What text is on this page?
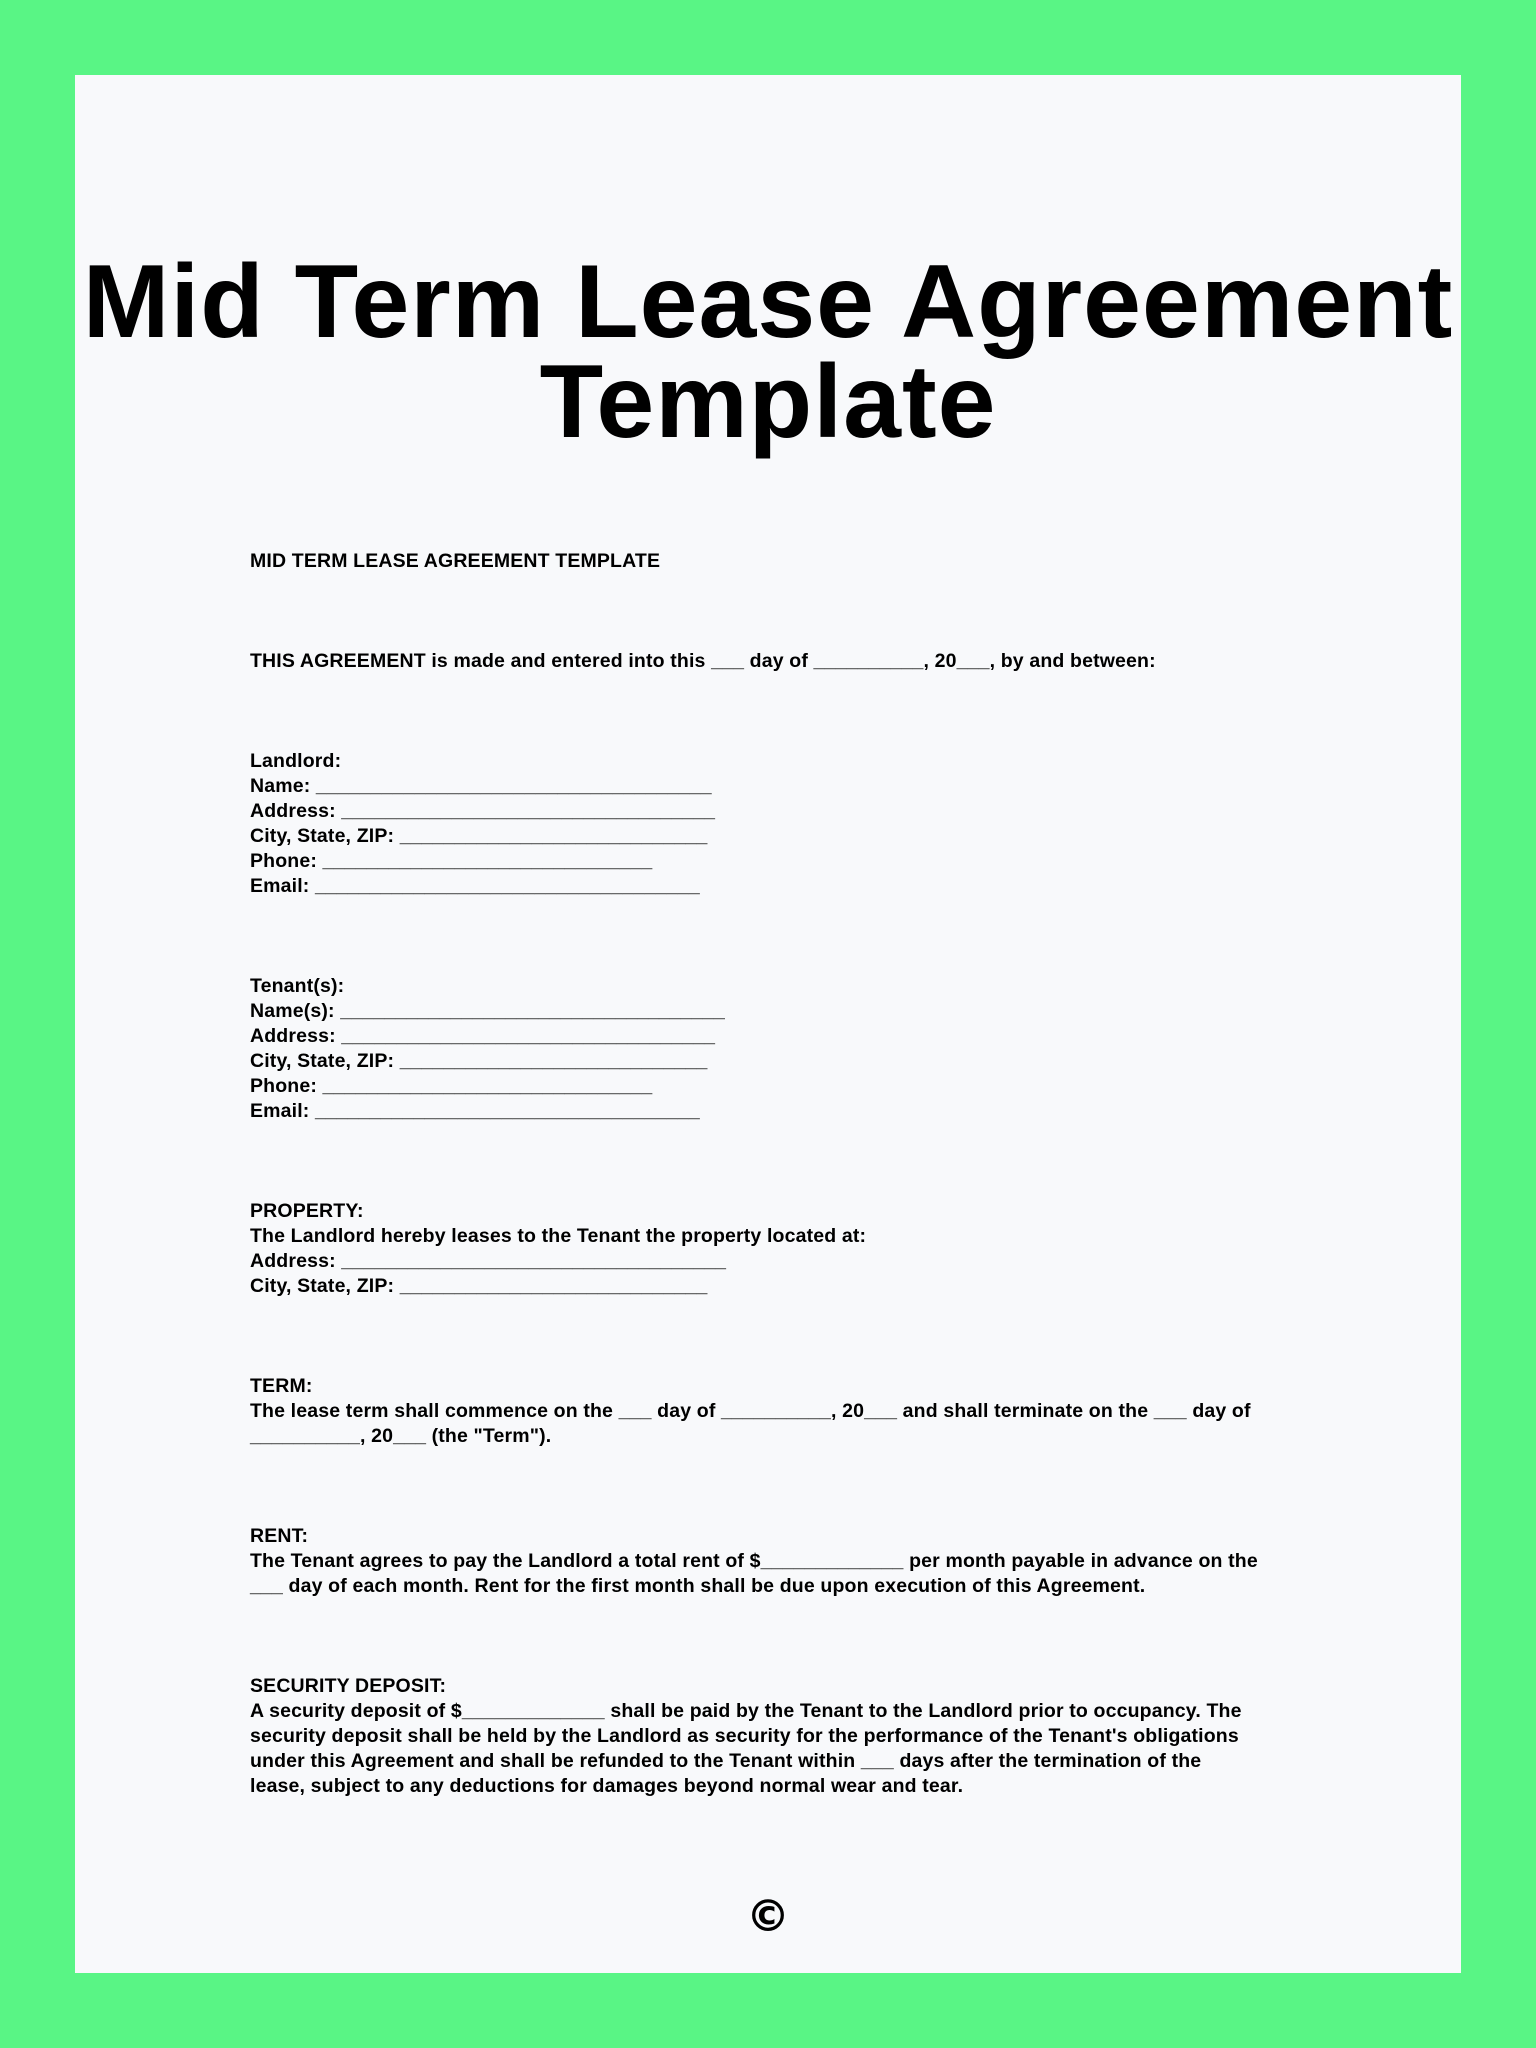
Mid Term Lease Agreement
Template

MID TERM LEASE AGREEMENT TEMPLATE

THIS AGREEMENT is made and entered into this ___ day of __________, 20___, by and between:

Landlord:

Name: ____________________________________

Address: __________________________________

City, State, ZIP: ____________________________

Phone: ______________________________

Email: ___________________________________

Tenant(s):

Name(s): ___________________________________

Address: __________________________________

City, State, ZIP: ____________________________

Phone: ______________________________

Email: ___________________________________

PROPERTY:

The Landlord hereby leases to the Tenant the property located at:

Address: ___________________________________

City, State, ZIP: ____________________________

TERM:

The lease term shall commence on the ___ day of __________, 20___ and shall terminate on the ___ day of

__________, 20___ (the "Term").

RENT:

The Tenant agrees to pay the Landlord a total rent of $_____________ per month payable in advance on the

___ day of each month. Rent for the first month shall be due upon execution of this Agreement.

SECURITY DEPOSIT:

A security deposit of $_____________ shall be paid by the Tenant to the Landlord prior to occupancy. The

security deposit shall be held by the Landlord as security for the performance of the Tenant's obligations

under this Agreement and shall be refunded to the Tenant within ___ days after the termination of the

lease, subject to any deductions for damages beyond normal wear and tear.

©
